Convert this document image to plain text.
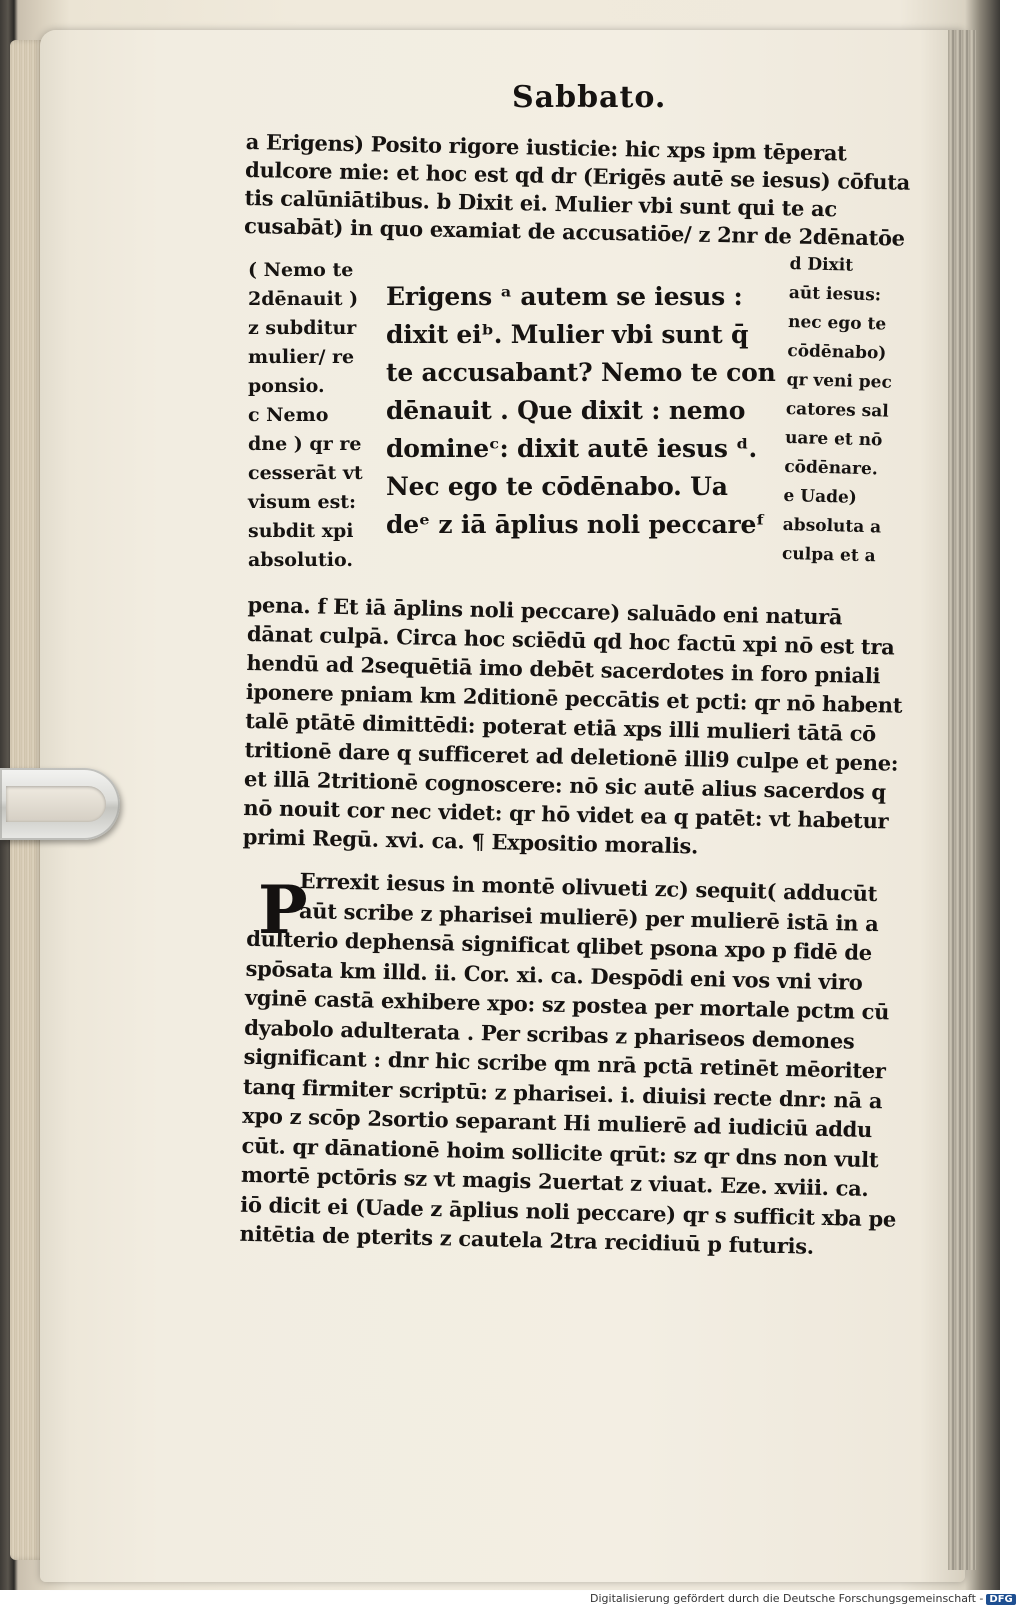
Sabbato.
a Erigens) Posito rigore iusticie: hic xps ipm tēperat
dulcore mie: et hoc est qd dr (Erigēs autē se iesus) cōfuta
tis calūniātibus. b Dixit ei. Mulier vbi sunt qui te ac
cusabāt) in quo examiat de accusatiōe/ z 2nr de 2dēnatōe
( Nemo te
2dēnauit )
z subditur
mulier/ re
ponsio.
c Nemo
dne ) qr re
cesserāt vt
visum est:
subdit xpi
absolutio.
Erigens ᵃ autem se iesus :
dixit eiᵇ. Mulier vbi sunt q̄
te accusabant? Nemo te con
dēnauit . Que dixit : nemo
domineᶜ: dixit autē iesus ᵈ.
Nec ego te cōdēnabo. Ua
deᵉ z iā āplius noli peccareᶠ
d Dixit
aūt iesus:
nec ego te
cōdēnabo)
qr veni pec
catores sal
uare et nō
cōdēnare.
e Uade)
absoluta a
culpa et a
pena. f Et iā āplins noli peccare) saluādo eni naturā
dānat culpā. Circa hoc sciēdū qd hoc factū xpi nō est tra
hendū ad 2sequētiā imo debēt sacerdotes in foro pniali
iponere pniam km 2ditionē peccātis et pcti: qr nō habent
talē ptātē dimittēdi: poterat etiā xps illi mulieri tātā cō
tritionē dare q sufficeret ad deletionē illi9 culpe et pene:
et illā 2tritionē cognoscere: nō sic autē alius sacerdos q
nō nouit cor nec videt: qr hō videt ea q patēt: vt habetur
primi Regū. xvi. ca. ¶ Expositio moralis.
P
Errexit iesus in montē olivueti zc) sequit( adducūt
aūt scribe z pharisei mulierē) per mulierē istā in a
dulterio dephensā significat qlibet psona xpo p fidē de
spōsata km illd. ii. Cor. xi. ca. Despōdi eni vos vni viro
vginē castā exhibere xpo: sz postea per mortale pctm cū
dyabolo adulterata . Per scribas z phariseos demones
significant : dnr hic scribe qm nrā pctā retinēt mēoriter
tanq firmiter scriptū: z pharisei. i. diuisi recte dnr: nā a
xpo z scōp 2sortio separant Hi mulierē ad iudiciū addu
cūt. qr dānationē hoim sollicite qrūt: sz qr dns non vult
mortē pctōris sz vt magis 2uertat z viuat. Eze. xviii. ca.
iō dicit ei (Uade z āplius noli peccare) qr s sufficit xba pe
nitētia de pterits z cautela 2tra recidiuū p futuris.
Digitalisierung gefördert durch die Deutsche Forschungsgemeinschaft - DFG
